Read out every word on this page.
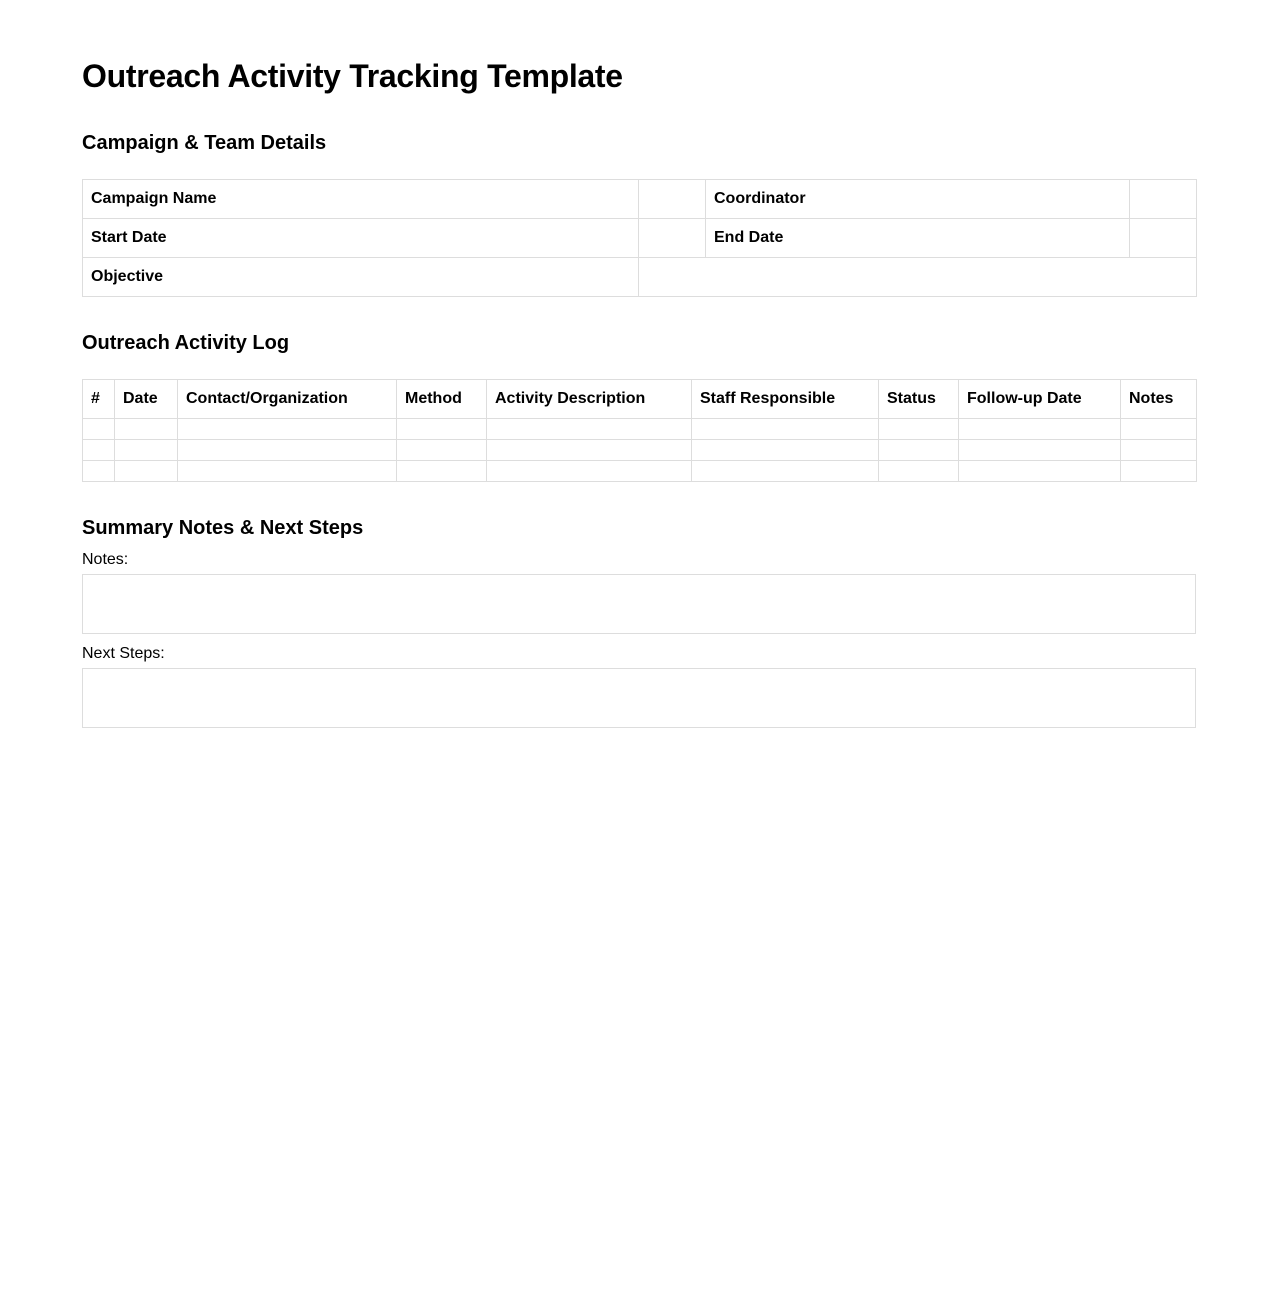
Outreach Activity Tracking Template
Campaign & Team Details
Campaign Name		Coordinator	
Start Date		End Date	
Objective			
Outreach Activity Log
#	Date	Contact/Organization	Method	Activity Description	Staff Responsible	Status	Follow-up Date	Notes

Summary Notes & Next Steps
Notes:
Next Steps:
